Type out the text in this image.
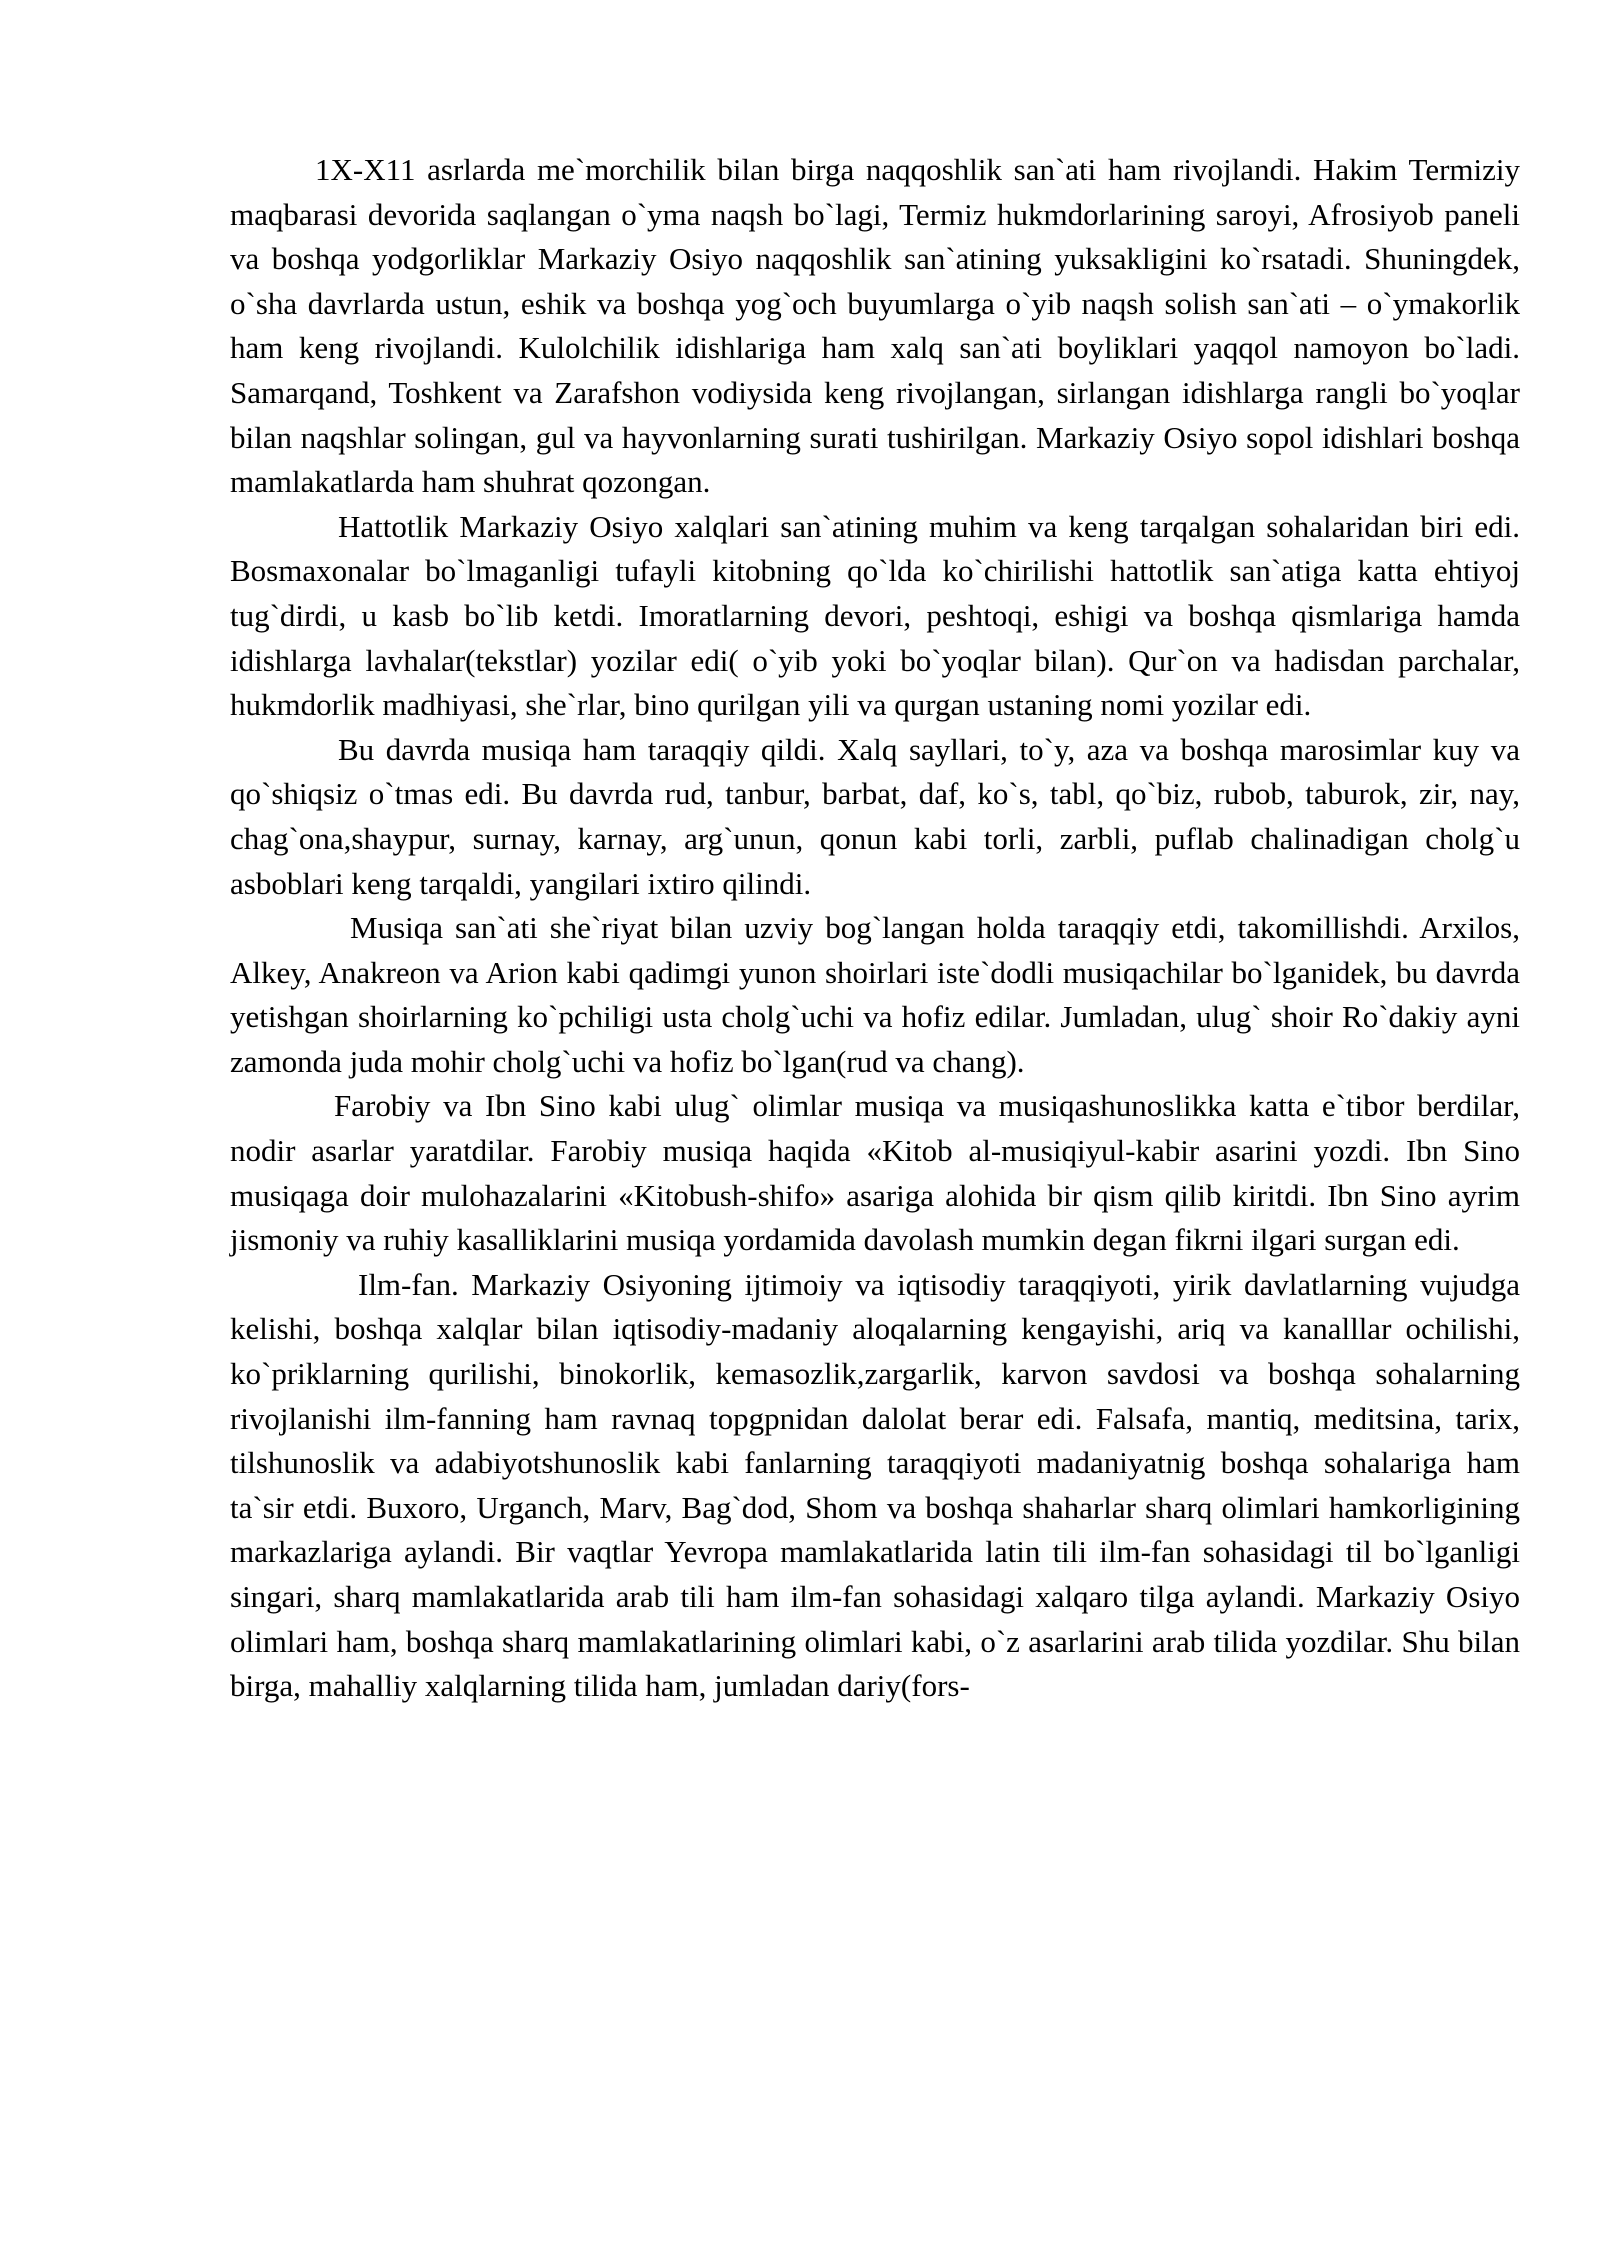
1X-X11 asrlarda me`morchilik bilan birga naqqoshlik san`ati ham rivojlandi. Hakim Termiziy maqbarasi devorida saqlangan o`yma naqsh bo`lagi, Termiz hukmdorlarining saroyi, Afrosiyob paneli va boshqa yodgorliklar Markaziy Osiyo naqqoshlik san`atining yuksakligini ko`rsatadi. Shuningdek, o`sha davrlarda ustun, eshik va boshqa yog`och buyumlarga o`yib naqsh solish san`ati – o`ymakorlik ham keng rivojlandi. Kulolchilik idishlariga ham xalq san`ati boyliklari yaqqol namoyon bo`ladi. Samarqand, Toshkent va Zarafshon vodiysida keng rivojlangan, sirlangan idishlarga rangli bo`yoqlar bilan naqshlar solingan, gul va hayvonlarning surati tushirilgan. Markaziy Osiyo sopol idishlari boshqa mamlakatlarda ham shuhrat qozongan.

Hattotlik Markaziy Osiyo xalqlari san`atining muhim va keng tarqalgan sohalaridan biri edi. Bosmaxonalar bo`lmaganligi tufayli kitobning qo`lda ko`chirilishi hattotlik san`atiga katta ehtiyoj tug`dirdi, u kasb bo`lib ketdi. Imoratlarning devori, peshtoqi, eshigi va boshqa qismlariga hamda idishlarga lavhalar(tekstlar) yozilar edi( o`yib yoki bo`yoqlar bilan). Qur`on va hadisdan parchalar, hukmdorlik madhiyasi, she`rlar, bino qurilgan yili va qurgan ustaning nomi yozilar edi.

Bu davrda musiqa ham taraqqiy qildi. Xalq sayllari, to`y, aza va boshqa marosimlar kuy va qo`shiqsiz o`tmas edi. Bu davrda rud, tanbur, barbat, daf, ko`s, tabl, qo`biz, rubob, taburok, zir, nay, chag`ona,shaypur, surnay, karnay, arg`unun, qonun kabi torli, zarbli, puflab chalinadigan cholg`u asboblari keng tarqaldi, yangilari ixtiro qilindi.

Musiqa san`ati she`riyat bilan uzviy bog`langan holda taraqqiy etdi, takomillishdi. Arxilos, Alkey, Anakreon va Arion kabi qadimgi yunon shoirlari iste`dodli musiqachilar bo`lganidek, bu davrda yetishgan shoirlarning ko`pchiligi usta cholg`uchi va hofiz edilar. Jumladan, ulug` shoir Ro`dakiy ayni zamonda juda mohir cholg`uchi va hofiz bo`lgan(rud va chang).

Farobiy va Ibn Sino kabi ulug` olimlar musiqa va musiqashunoslikka katta e`tibor berdilar, nodir asarlar yaratdilar. Farobiy musiqa haqida «Kitob al-musiqiyul-kabir asarini yozdi. Ibn Sino musiqaga doir mulohazalarini «Kitobush-shifo» asariga alohida bir qism qilib kiritdi. Ibn Sino ayrim jismoniy va ruhiy kasalliklarini musiqa yordamida davolash mumkin degan fikrni ilgari surgan edi.

Ilm-fan. Markaziy Osiyoning ijtimoiy va iqtisodiy taraqqiyoti, yirik davlatlarning vujudga kelishi, boshqa xalqlar bilan iqtisodiy-madaniy aloqalarning kengayishi, ariq va kanalllar ochilishi, ko`priklarning qurilishi, binokorlik, kemasozlik,zargarlik, karvon savdosi va boshqa sohalarning rivojlanishi ilm-fanning ham ravnaq topgpnidan dalolat berar edi. Falsafa, mantiq, meditsina, tarix, tilshunoslik va adabiyotshunoslik kabi fanlarning taraqqiyoti madaniyatnig boshqa sohalariga ham ta`sir etdi. Buxoro, Urganch, Marv, Bag`dod, Shom va boshqa shaharlar sharq olimlari hamkorligining markazlariga aylandi. Bir vaqtlar Yevropa mamlakatlarida latin tili ilm-fan sohasidagi til bo`lganligi singari, sharq mamlakatlarida arab tili ham ilm-fan sohasidagi xalqaro tilga aylandi. Markaziy Osiyo olimlari ham, boshqa sharq mamlakatlarining olimlari kabi, o`z asarlarini arab tilida yozdilar. Shu bilan birga, mahalliy xalqlarning tilida ham, jumladan dariy(fors-
